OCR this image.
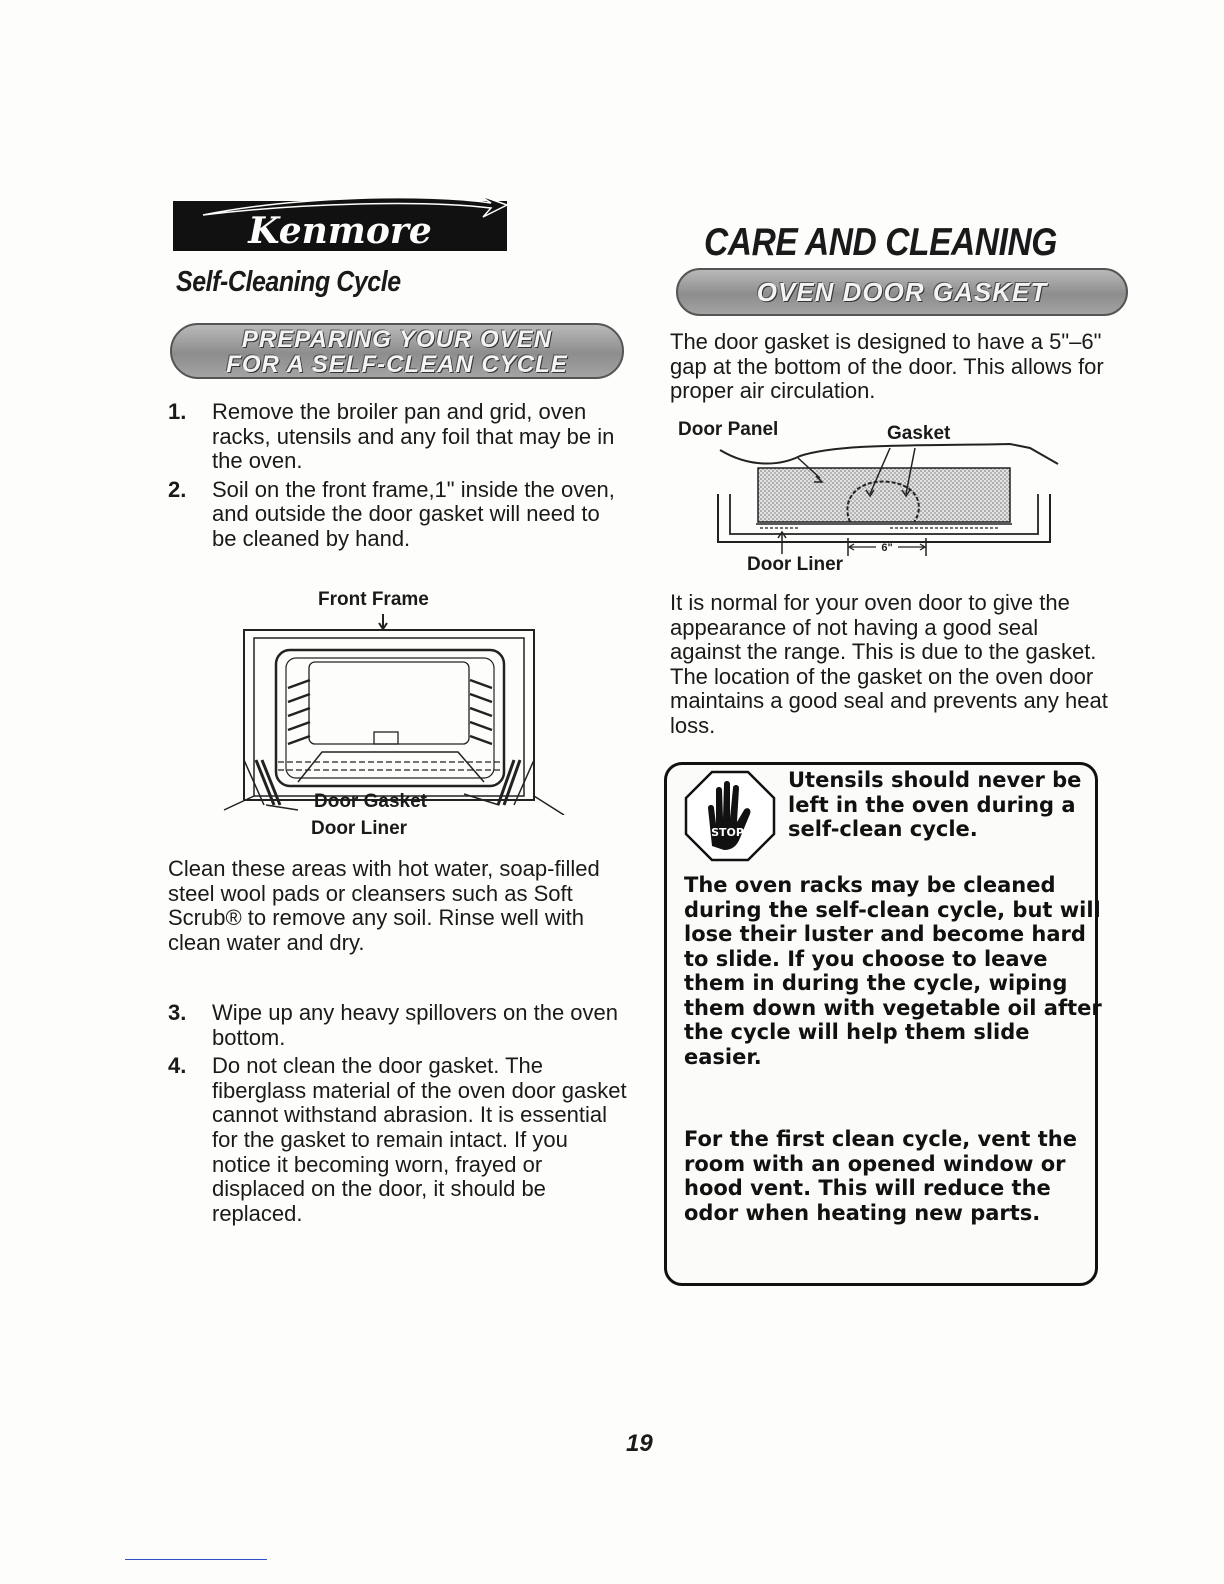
Kenmore
Self-Cleaning Cycle
CARE AND CLEANING
PREPARING YOUR OVEN
FOR A SELF-CLEAN CYCLE
1. Remove the broiler pan and grid, oven racks, utensils and any foil that may be in the oven.
2. Soil on the front frame,1" inside the oven, and outside the door gasket will need to be cleaned by hand.
Front Frame
Door Gasket
Door Liner

Clean these areas with hot water, soap-filled steel wool pads or cleansers such as Soft Scrub® to remove any soil. Rinse well with clean water and dry.

3. Wipe up any heavy spillovers on the oven bottom.
4. Do not clean the door gasket. The fiberglass material of the oven door gasket cannot withstand abrasion. It is essential for the gasket to remain intact. If you notice it becoming worn, frayed or displaced on the door, it should be replaced.
OVEN DOOR GASKET

The door gasket is designed to have a 5"–6" gap at the bottom of the door. This allows for proper air circulation.

Door Panel	Gasket
6"
Door Liner

It is normal for your oven door to give the appearance of not having a good seal against the range. This is due to the gasket. The location of the gasket on the oven door maintains a good seal and prevents any heat loss.

STOP!
Utensils should never be left in the oven during a self-clean cycle.
The oven racks may be cleaned during the self-clean cycle, but will lose their luster and become hard to slide. If you choose to leave them in during the cycle, wiping them down with vegetable oil after the cycle will help them slide easier.
For the first clean cycle, vent the room with an opened window or hood vent. This will reduce the odor when heating new parts.
19
